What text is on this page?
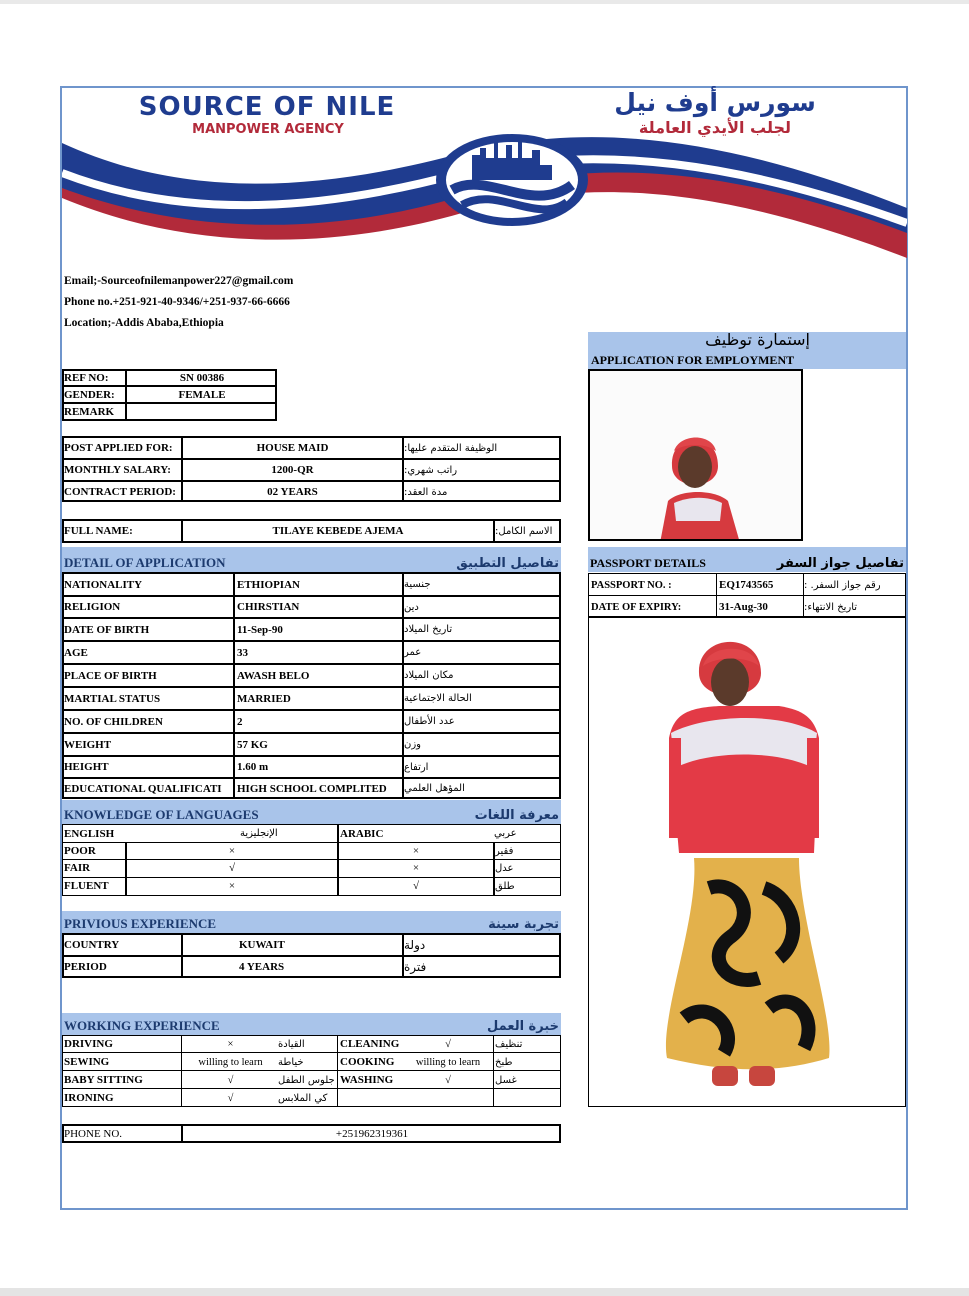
SOURCE OF NILE
MANPOWER AGENCY
سورس أوف نيل
لجلب الأيدي العاملة
Email;-Sourceofnilemanpower227@gmail.com
Phone no.+251-921-40-9346/+251-937-66-6666
Location;-Addis Ababa,Ethiopia
إستمارة توظيف
APPLICATION FOR EMPLOYMENT
REF NO:	SN 00386
GENDER:	FEMALE
REMARK
POST APPLIED FOR:	HOUSE MAID	الوظيفة المتقدم عليها:
MONTHLY SALARY:	1200-QR	راتب شهري:
CONTRACT PERIOD:	02 YEARS	مدة العقد:
FULL NAME:	TILAYE KEBEDE AJEMA	الاسم الكامل:
DETAIL OF APPLICATION	تفاصيل التطبيق
NATIONALITY	ETHIOPIAN	جنسية
RELIGION	CHIRSTIAN	دين
DATE OF BIRTH	11-Sep-90	تاريخ الميلاد
AGE	33	عمر
PLACE OF BIRTH	AWASH BELO	مكان الميلاد
MARTIAL STATUS	MARRIED	الحالة الاجتماعية
NO. OF CHILDREN	2	عدد الأطفال
WEIGHT	57 KG	وزن
HEIGHT	1.60 m	ارتفاع
EDUCATIONAL QUALIFICATI	HIGH SCHOOL COMPLITED	المؤهل العلمي
PASSPORT DETAILS	تفاصيل جواز السفر
PASSPORT NO. :	EQ1743565	رقم جواز السفر. :
DATE OF EXPIRY:	31-Aug-30	تاريخ الانتهاء:
KNOWLEDGE OF LANGUAGES	معرفة اللغات
ENGLISH	الإنجليزية	ARABIC	عربي
POOR	×	×	فقير
FAIR	√	×	عدل
FLUENT	×	√	طلق
PRIVIOUS EXPERIENCE	تجربة سينة
COUNTRY	KUWAIT	دولة
PERIOD	4 YEARS	فترة
WORKING EXPERIENCE	خبرة العمل
DRIVING	×	القيادة	CLEANING	√	تنظيف
SEWING	willing to learn	خياطة	COOKING	willing to learn	طبخ
BABY SITTING	√	جلوس الطفل WASHING	√	غسل
IRONING	√	كي الملابس
PHONE NO.	+251962319361
